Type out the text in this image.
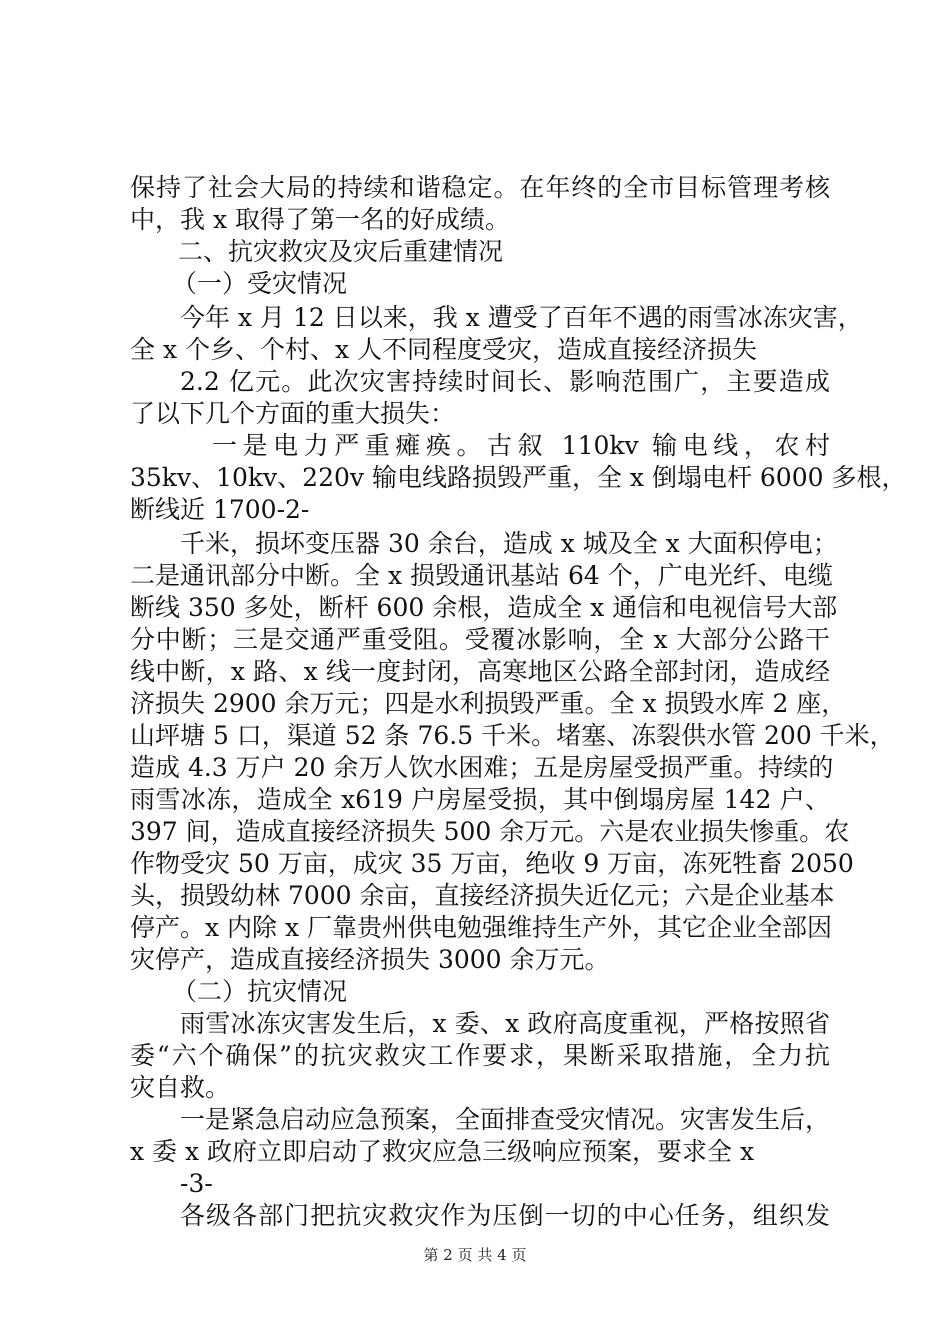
保持了社会大局的持续和谐稳定。在年终的全市目标管理考核
中，我 x 取得了第一名的好成绩。
二、抗灾救灾及灾后重建情况
（一）受灾情况
今年 x 月 12 日以来，我 x 遭受了百年不遇的雨雪冰冻灾害，
全 x 个乡、个村、x 人不同程度受灾，造成直接经济损失
2.2 亿元。此次灾害持续时间长、影响范围广，主要造成
了以下几个方面的重大损失：
一是电力严重瘫痪。古叙 110kv 输电线，农村
35kv、10kv、220v 输电线路损毁严重，全 x 倒塌电杆 6000 多根，
断线近 1700-2-
千米，损坏变压器 30 余台，造成 x 城及全 x 大面积停电；
二是通讯部分中断。全 x 损毁通讯基站 64 个，广电光纤、电缆
断线 350 多处，断杆 600 余根，造成全 x 通信和电视信号大部
分中断；三是交通严重受阻。受覆冰影响，全 x 大部分公路干
线中断，x 路、x 线一度封闭，高寒地区公路全部封闭，造成经
济损失 2900 余万元；四是水利损毁严重。全 x 损毁水库 2 座，
山坪塘 5 口，渠道 52 条 76.5 千米。堵塞、冻裂供水管 200 千米，
造成 4.3 万户 20 余万人饮水困难；五是房屋受损严重。持续的
雨雪冰冻，造成全 x619 户房屋受损，其中倒塌房屋 142 户、
397 间，造成直接经济损失 500 余万元。六是农业损失惨重。农
作物受灾 50 万亩，成灾 35 万亩，绝收 9 万亩，冻死牲畜 2050
头，损毁幼林 7000 余亩，直接经济损失近亿元；六是企业基本
停产。x 内除 x 厂靠贵州供电勉强维持生产外，其它企业全部因
灾停产，造成直接经济损失 3000 余万元。
（二）抗灾情况
雨雪冰冻灾害发生后，x 委、x 政府高度重视，严格按照省
委“六个确保”的抗灾救灾工作要求，果断采取措施，全力抗
灾自救。
一是紧急启动应急预案，全面排查受灾情况。灾害发生后，
x 委 x 政府立即启动了救灾应急三级响应预案，要求全 x
-3-
各级各部门把抗灾救灾作为压倒一切的中心任务，组织发
第 2 页 共 4 页
